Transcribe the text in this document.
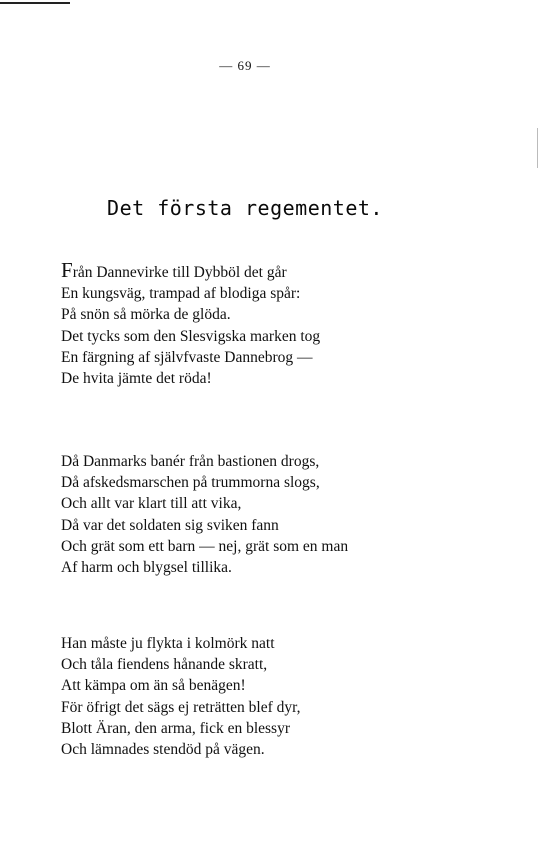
— 69 —
Det första regementet.
Från Dannevirke till Dybböl det går
En kungsväg, trampad af blodiga spår:
På snön så mörka de glöda.
Det tycks som den Slesvigska marken tog
En färgning af självfvaste Dannebrog —
De hvita jämte det röda!
Då Danmarks banér från bastionen drogs,
Då afskedsmarschen på trummorna slogs,
Och allt var klart till att vika,
Då var det soldaten sig sviken fann
Och grät som ett barn — nej, grät som en man
Af harm och blygsel tillika.
Han måste ju flykta i kolmörk natt
Och tåla fiendens hånande skratt,
Att kämpa om än så benägen!
För öfrigt det sägs ej reträtten blef dyr,
Blott Äran, den arma, fick en blessyr
Och lämnades stendöd på vägen.
